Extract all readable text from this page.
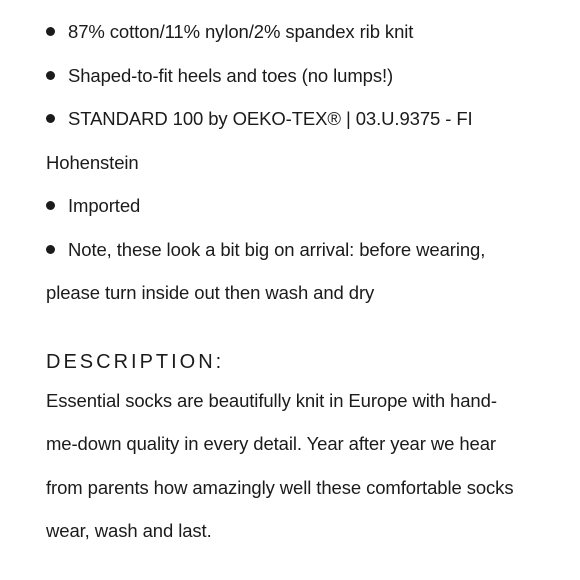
87% cotton/11% nylon/2% spandex rib knit
Shaped-to-fit heels and toes (no lumps!)
STANDARD 100 by OEKO-TEX® | 03.U.9375 - FI
Hohenstein
Imported
Note, these look a bit big on arrival: before wearing,
please turn inside out then wash and dry
DESCRIPTION:
Essential socks are beautifully knit in Europe with hand-
me-down quality in every detail. Year after year we hear
from parents how amazingly well these comfortable socks
wear, wash and last.
